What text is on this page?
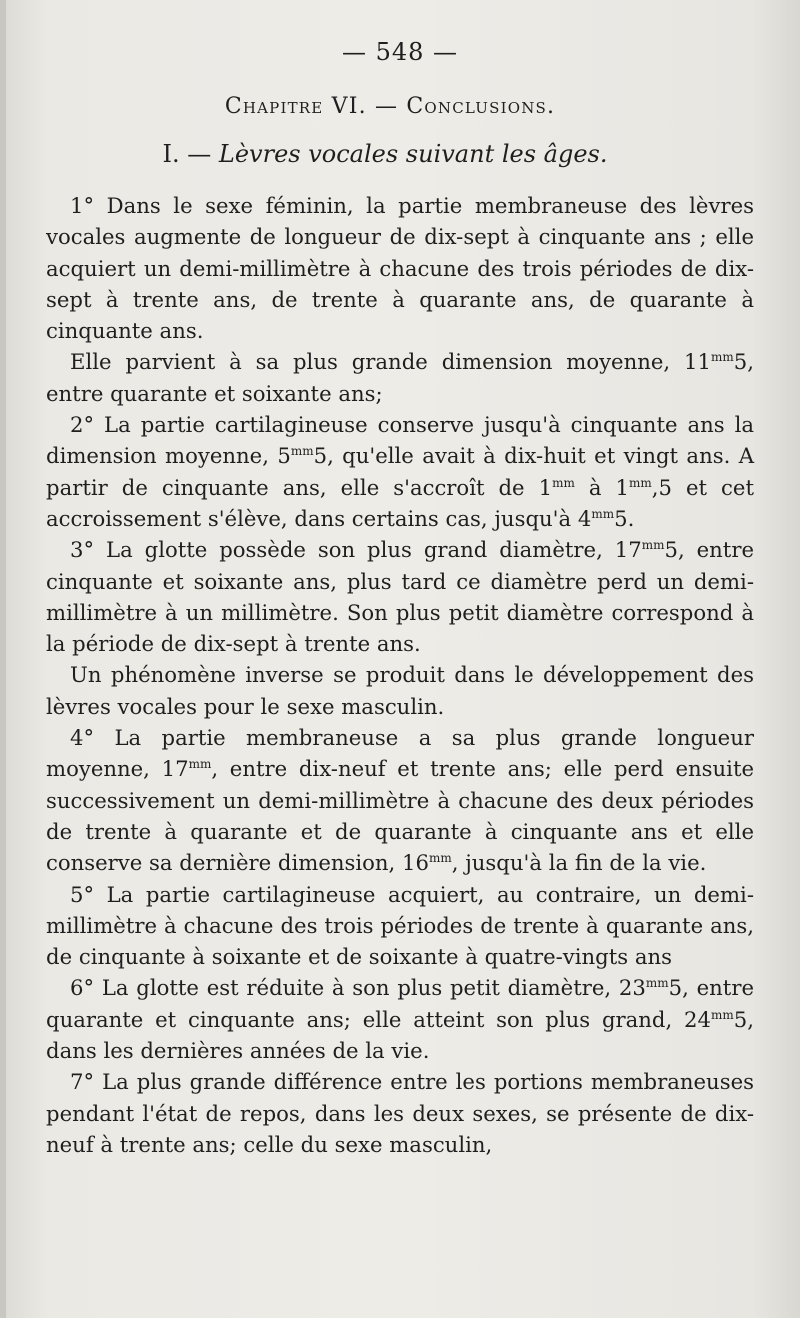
— 548 —
Chapitre VI. — Conclusions.
I. — Lèvres vocales suivant les âges.

1° Dans le sexe féminin, la partie membraneuse des lèvres vocales augmente de longueur de dix-sept à cinquante ans ; elle acquiert un demi-millimètre à chacune des trois périodes de dix-sept à trente ans, de trente à quarante ans, de quarante à cinquante ans.

Elle parvient à sa plus grande dimension moyenne, $11^{mm}5$, entre quarante et soixante ans;

2° La partie cartilagineuse conserve jusqu'à cinquante ans la dimension moyenne, $5^{mm}5$, qu'elle avait à dix-huit et vingt ans. A partir de cinquante ans, elle s'accroît de $1^{mm}$ à $1^{mm},5$ et cet accroissement s'élève, dans certains cas, jusqu'à $4^{mm}5$.

3° La glotte possède son plus grand diamètre, $17^{mm}5$, entre cinquante et soixante ans, plus tard ce diamètre perd un demi-millimètre à un millimètre. Son plus petit diamètre correspond à la période de dix-sept à trente ans.

Un phénomène inverse se produit dans le développement des lèvres vocales pour le sexe masculin.

4° La partie membraneuse a sa plus grande longueur moyenne, $17^{mm}$, entre dix-neuf et trente ans; elle perd ensuite successivement un demi-millimètre à chacune des deux périodes de trente à quarante et de quarante à cinquante ans et elle conserve sa dernière dimension, $16^{mm}$, jusqu'à la fin de la vie.

5° La partie cartilagineuse acquiert, au contraire, un demi-millimètre à chacune des trois périodes de trente à quarante ans, de cinquante à soixante et de soixante à quatre-vingts ans

6° La glotte est réduite à son plus petit diamètre, $23^{mm}5$, entre quarante et cinquante ans; elle atteint son plus grand, $24^{mm}5$, dans les dernières années de la vie.

7° La plus grande différence entre les portions membraneuses pendant l'état de repos, dans les deux sexes, se présente de dix-neuf à trente ans; celle du sexe masculin,
